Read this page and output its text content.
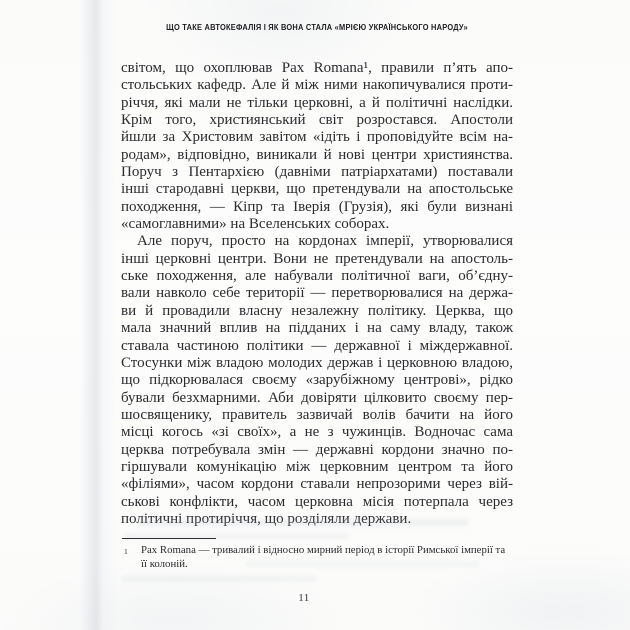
ЩО ТАКЕ АВТОКЕФАЛІЯ І ЯК ВОНА СТАЛА «МРІЄЮ УКРАЇНСЬКОГО НАРОДУ»
світом, що охоплював Pax Romana¹, правили п’ять апо-
стольських кафедр. Але й між ними накопичувалися проти-
річчя, які мали не тільки церковні, а й політичні наслідки.
Крім того, християнський світ розростався. Апостоли
йшли за Христовим завітом «ідіть і проповідуйте всім на-
родам», відповідно, виникали й нові центри християнства.
Поруч з Пентархією (давніми патріархатами) поставали
інші стародавні церкви, що претендували на апостольське
походження, — Кіпр та Іверія (Грузія), які були визнані
«самоглавними» на Вселенських соборах.
Але поруч, просто на кордонах імперії, утворювалися
інші церковні центри. Вони не претендували на апостоль-
ське походження, але набували політичної ваги, об’єдну-
вали навколо себе території — перетворювалися на держа-
ви й провадили власну незалежну політику. Церква, що
мала значний вплив на підданих і на саму владу, також
ставала частиною політики — державної і міждержавної.
Стосунки між владою молодих держав і церковною владою,
що підкорювалася своєму «зарубіжному центрові», рідко
бували безхмарними. Аби довіряти цілковито своєму пер-
шосвященику, правитель зазвичай волів бачити на його
місці когось «зі своїх», а не з чужинців. Водночас сама
церква потребувала змін — державні кордони значно по-
гіршували комунікацію між церковним центром та його
«філіями», часом кордони ставали непрозорими через вій-
ськові конфлікти, часом церковна місія потерпала через
політичні протиріччя, що розділяли держави.
1	Pax Romana — тривалий і відносно мирний період в історії Римської імперії та
її колоній.
11
